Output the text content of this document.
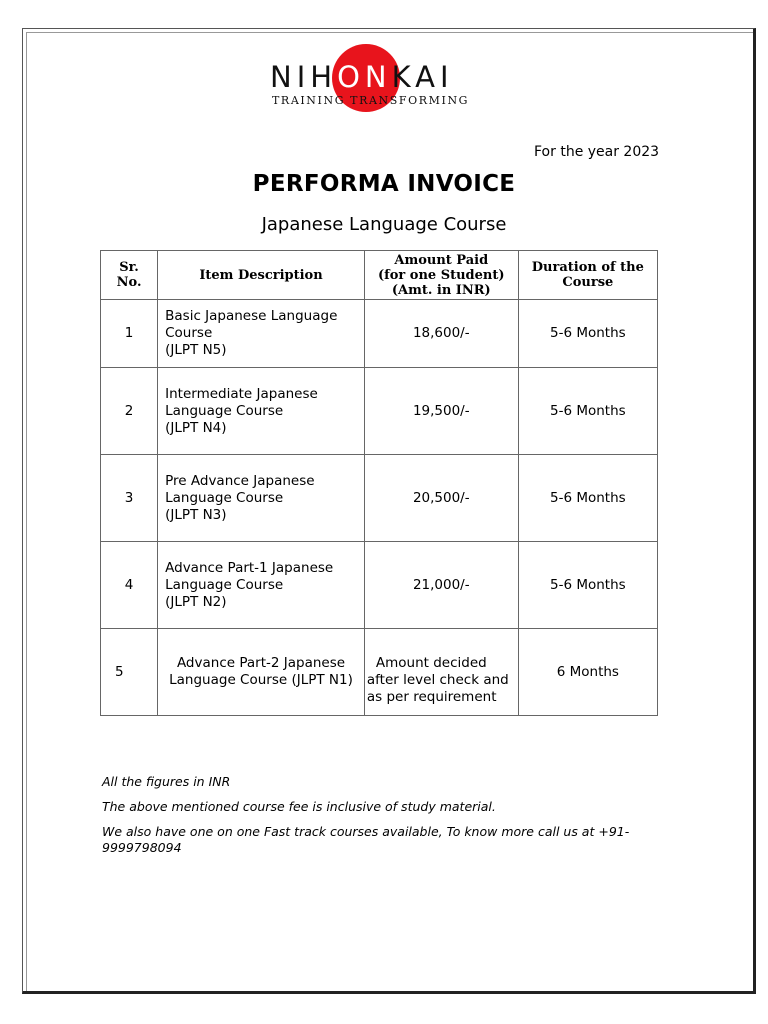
NIHONKAI
TRAINING TRANSFORMING
For the year 2023
PERFORMA INVOICE
Japanese Language Course
Sr.
No.	Item Description	Amount Paid
(for one Student)
(Amt. in INR)	Duration of the
Course

1	Basic Japanese Language
Course
(JLPT N5)	18,600/-	5-6 Months
2	Intermediate Japanese
Language Course
(JLPT N4)	19,500/-	5-6 Months
3	Pre Advance Japanese
Language Course
(JLPT N3)	20,500/-	5-6 Months
4	Advance Part-1 Japanese
Language Course
(JLPT N2)	21,000/-	5-6 Months
5	Advance Part-2 Japanese
Language Course (JLPT N1)	Amount decided
after level check and
as per requirement	6 Months

All the figures in INR

The above mentioned course fee is inclusive of study material.

We also have one on one Fast track courses available, To know more call us at +91-9999798094
